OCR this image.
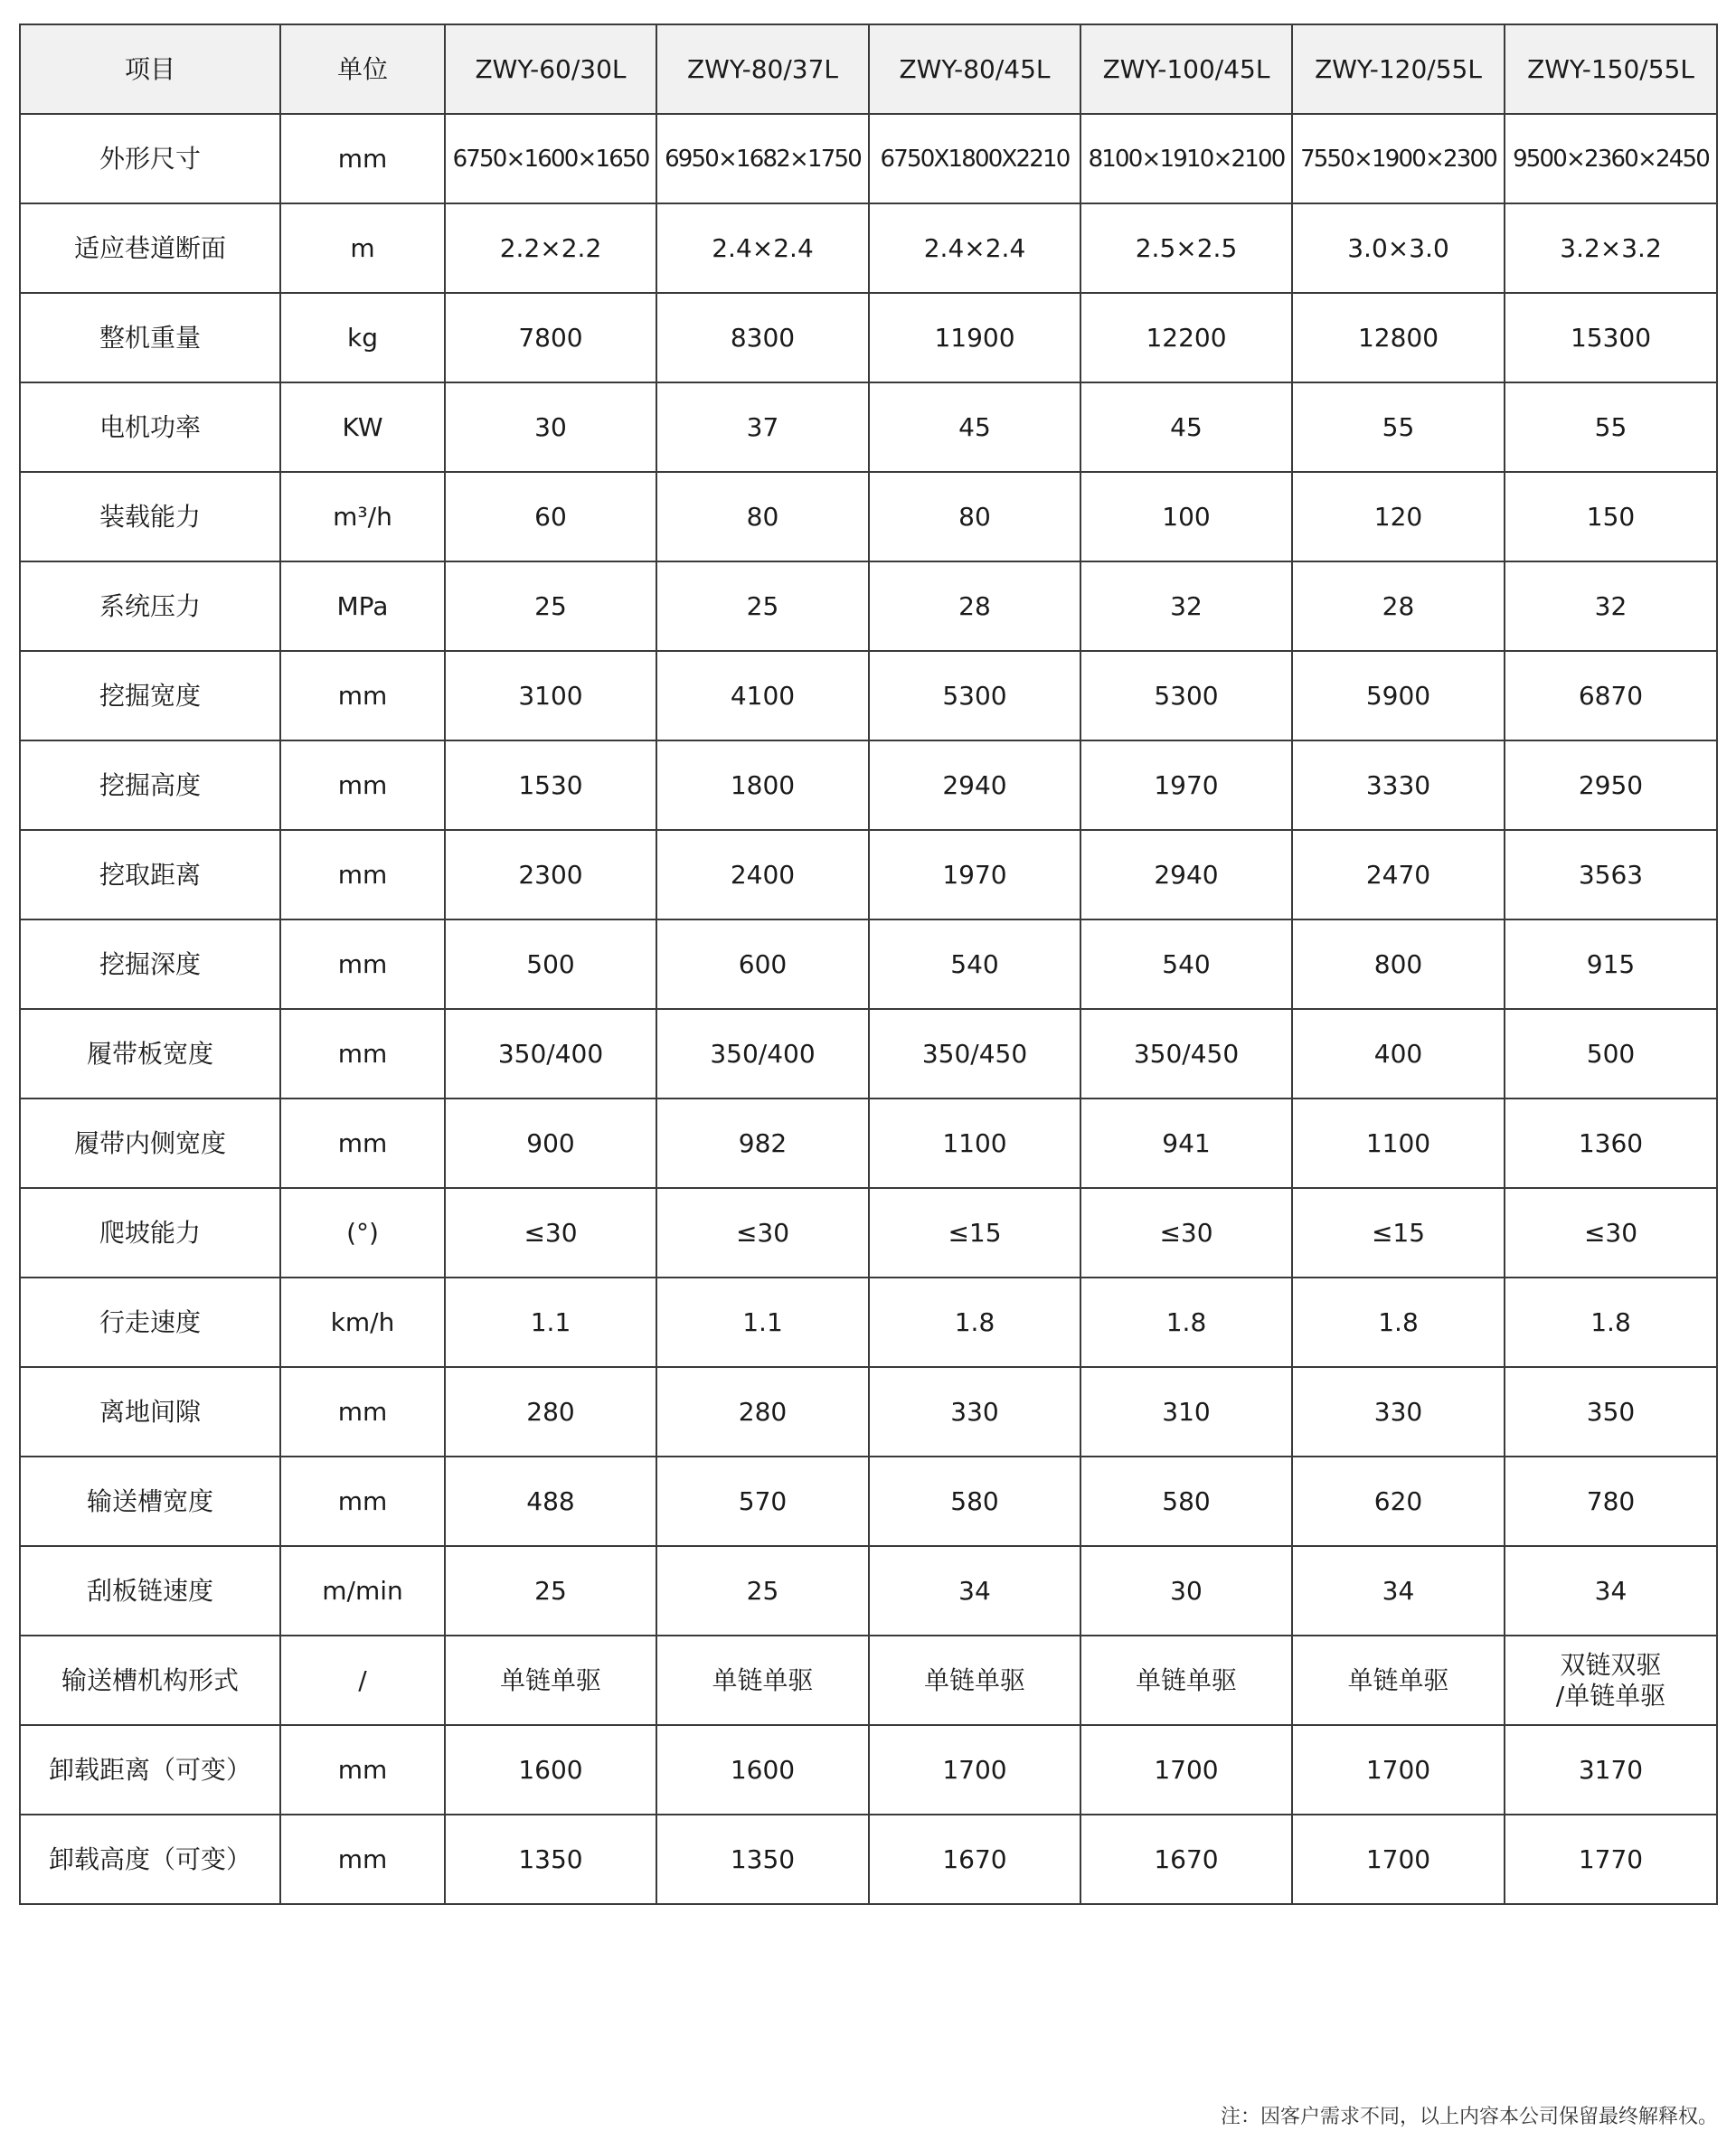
项目	单位	ZWY-60/30L	ZWY-80/37L	ZWY-80/45L	ZWY-100/45L	ZWY-120/55L	ZWY-150/55L
外形尺寸	mm	6750×1600×1650	6950×1682×1750	6750X1800X2210	8100×1910×2100	7550×1900×2300	9500×2360×2450
适应巷道断面	m	2.2×2.2	2.4×2.4	2.4×2.4	2.5×2.5	3.0×3.0	3.2×3.2
整机重量	kg	7800	8300	11900	12200	12800	15300
电机功率	KW	30	37	45	45	55	55
装载能力	m³/h	60	80	80	100	120	150
系统压力	MPa	25	25	28	32	28	32
挖掘宽度	mm	3100	4100	5300	5300	5900	6870
挖掘高度	mm	1530	1800	2940	1970	3330	2950
挖取距离	mm	2300	2400	1970	2940	2470	3563
挖掘深度	mm	500	600	540	540	800	915
履带板宽度	mm	350/400	350/400	350/450	350/450	400	500
履带内侧宽度	mm	900	982	1100	941	1100	1360
爬坡能力	(°)	≤30	≤30	≤15	≤30	≤15	≤30
行走速度	km/h	1.1	1.1	1.8	1.8	1.8	1.8
离地间隙	mm	280	280	330	310	330	350
输送槽宽度	mm	488	570	580	580	620	780
刮板链速度	m/min	25	25	34	30	34	34
输送槽机构形式	/	单链单驱	单链单驱	单链单驱	单链单驱	单链单驱	双链双驱
/单链单驱

卸载距离（可变）	mm	1600	1600	1700	1700	1700	3170
卸载高度（可变）	mm	1350	1350	1670	1670	1700	1770
注：因客户需求不同，以上内容本公司保留最终解释权。
